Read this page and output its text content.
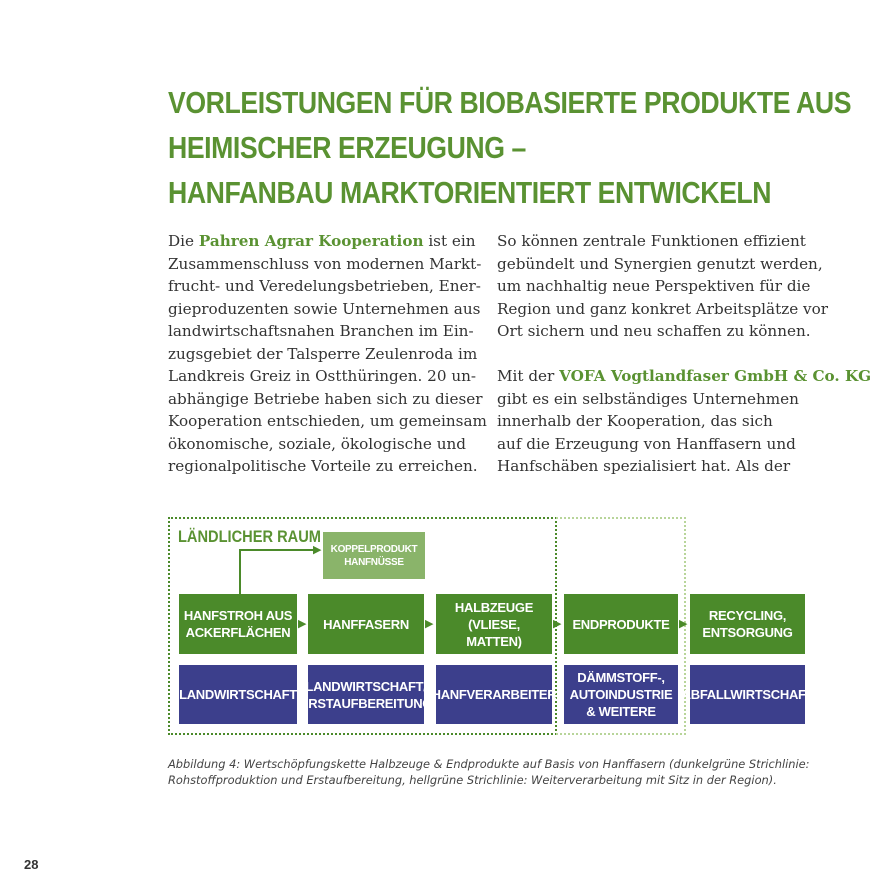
VORLEISTUNGEN FÜR BIOBASIERTE PRODUKTE AUS
HEIMISCHER ERZEUGUNG –
HANFANBAU MARKTORIENTIERT ENTWICKELN

Die Pahren Agrar Kooperation ist ein
Zusammenschluss von modernen Markt-
frucht- und Veredelungsbetrieben, Ener-
gieproduzenten sowie Unternehmen aus
landwirtschaftsnahen Branchen im Ein-
zugsgebiet der Talsperre Zeulenroda im
Landkreis Greiz in Ostthüringen. 20 un-
abhängige Betriebe haben sich zu dieser
Kooperation entschieden, um gemeinsam
ökonomische, soziale, ökologische und
regionalpolitische Vorteile zu erreichen.

So können zentrale Funktionen effizient
gebündelt und Synergien genutzt werden,
um nachhaltig neue Perspektiven für die
Region und ganz konkret Arbeitsplätze vor
Ort sichern und neu schaffen zu können.

Mit der VOFA Vogtlandfaser GmbH & Co. KG
gibt es ein selbständiges Unternehmen
innerhalb der Kooperation, das sich
auf die Erzeugung von Hanffasern und
Hanfschäben spezialisiert hat. Als der

LÄNDLICHER RAUM
▶ KOPPELPRODUKT HANFNÜSSE
HANFSTROH AUS ACKERFLÄCHEN
▶ HANFFASERN ▶
HALBZEUGE (VLIESE, MATTEN)
▶ ENDPRODUKTE ▶
RECYCLING, ENTSORGUNG
LANDWIRTSCHAFT
LANDWIRTSCHAFT/ ERSTAUFBEREITUNG
HANFVERARBEITER
DÄMMSTOFF-, AUTOINDUSTRIE & WEITERE
ABFALLWIRTSCHAFT

Abbildung 4: Wertschöpfungskette Halbzeuge & Endprodukte auf Basis von Hanffasern (dunkelgrüne Strichlinie:
Rohstoffproduktion und Erstaufbereitung, hellgrüne Strichlinie: Weiterverarbeitung mit Sitz in der Region).

28
